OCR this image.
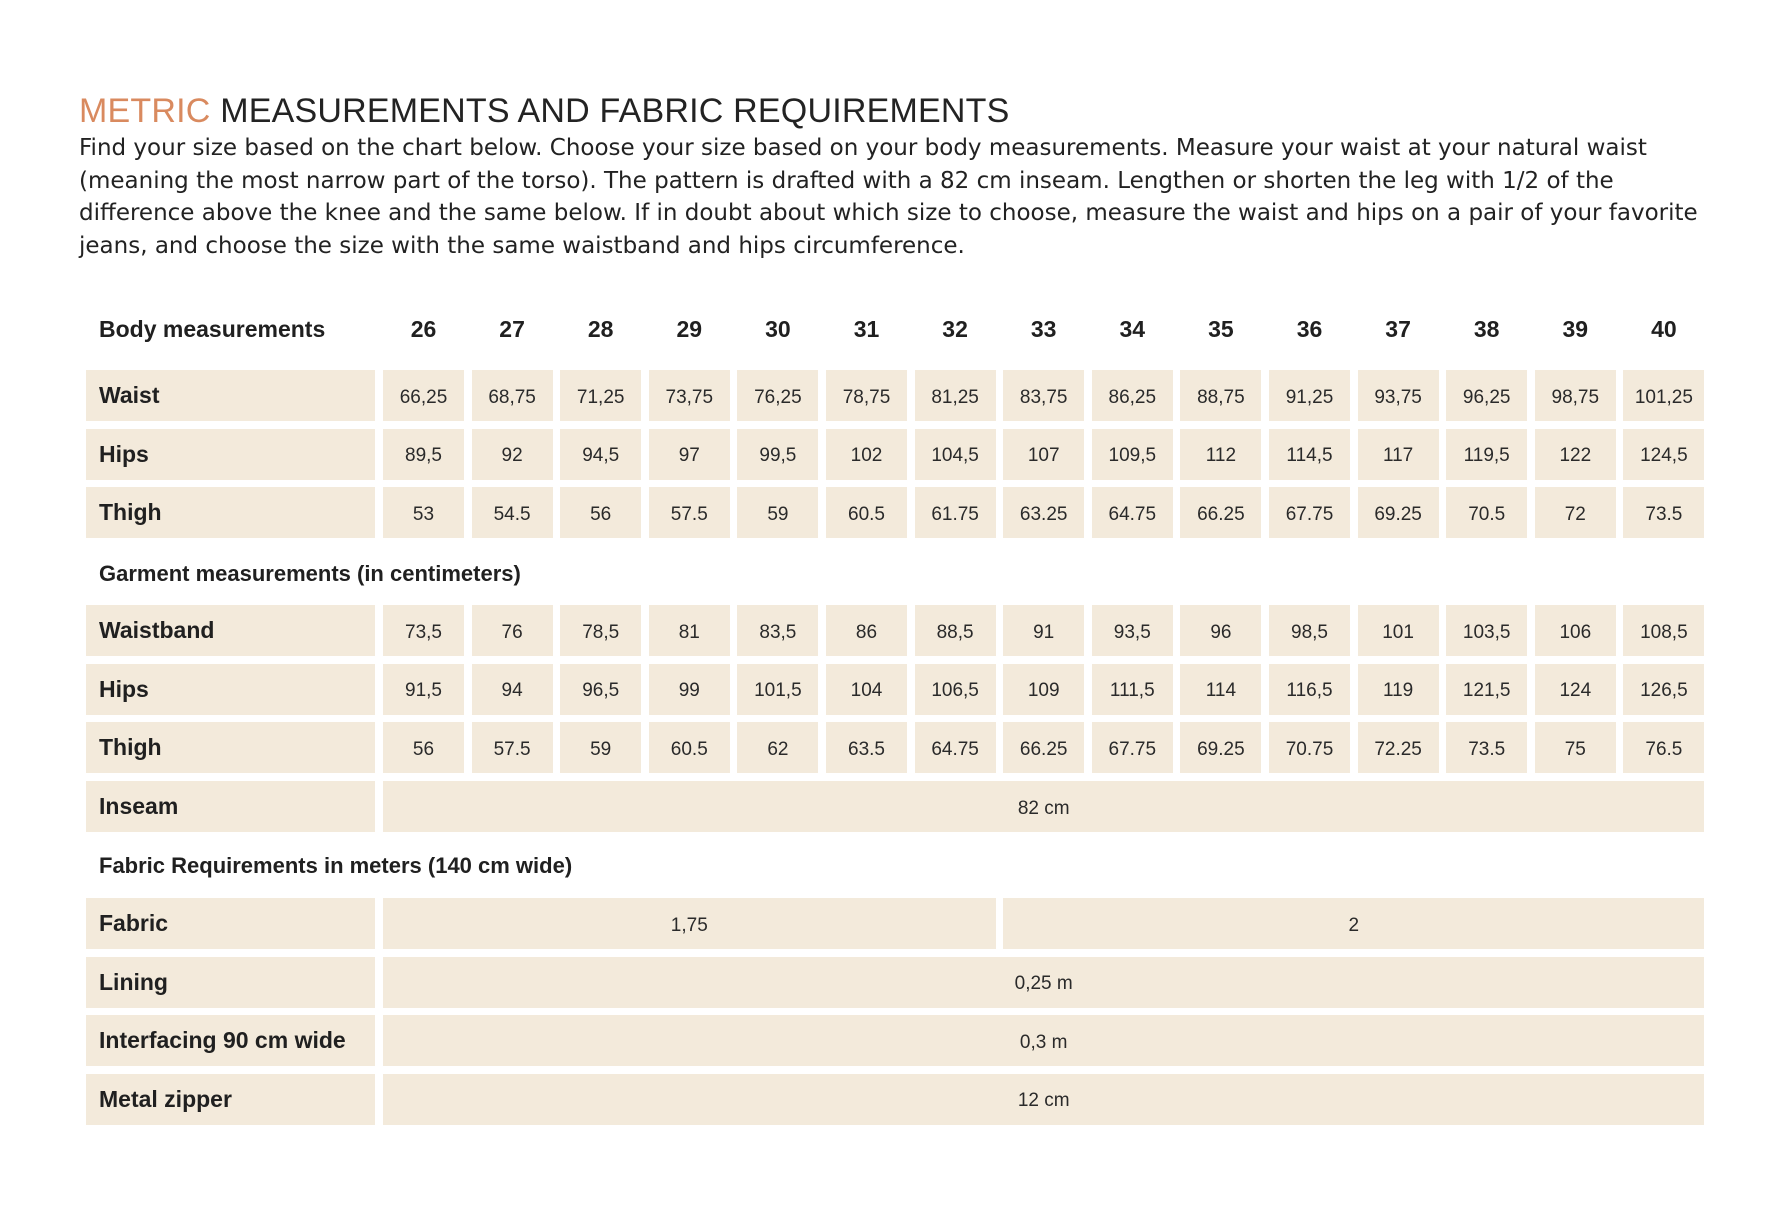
METRIC MEASUREMENTS AND FABRIC REQUIREMENTS

Find your size based on the chart below. Choose your size based on your body measurements. Measure your waist at your natural waist (meaning the most narrow part of the torso). The pattern is drafted with a 82 cm inseam. Lengthen or shorten the leg with 1/2 of the difference above the knee and the same below. If in doubt about which size to choose, measure the waist and hips on a pair of your favorite jeans, and choose the size with the same waistband and hips circumference.

Body measurements	26	27	28	29	30	31	32	33	34	35	36	37	38	39	40
Waist	66,25	68,75	71,25	73,75	76,25	78,75	81,25	83,75	86,25	88,75	91,25	93,75	96,25	98,75	101,25
Hips	89,5	92	94,5	97	99,5	102	104,5	107	109,5	112	114,5	117	119,5	122	124,5
Thigh	53	54.5	56	57.5	59	60.5	61.75	63.25	64.75	66.25	67.75	69.25	70.5	72	73.5
Garment measurements (in centimeters)
Waistband	73,5	76	78,5	81	83,5	86	88,5	91	93,5	96	98,5	101	103,5	106	108,5
Hips	91,5	94	96,5	99	101,5	104	106,5	109	111,5	114	116,5	119	121,5	124	126,5
Thigh	56	57.5	59	60.5	62	63.5	64.75	66.25	67.75	69.25	70.75	72.25	73.5	75	76.5
Inseam	82 cm
Fabric Requirements in meters (140 cm wide)
Fabric	1,75	2
Lining	0,25 m
Interfacing 90 cm wide	0,3 m
Metal zipper	12 cm
